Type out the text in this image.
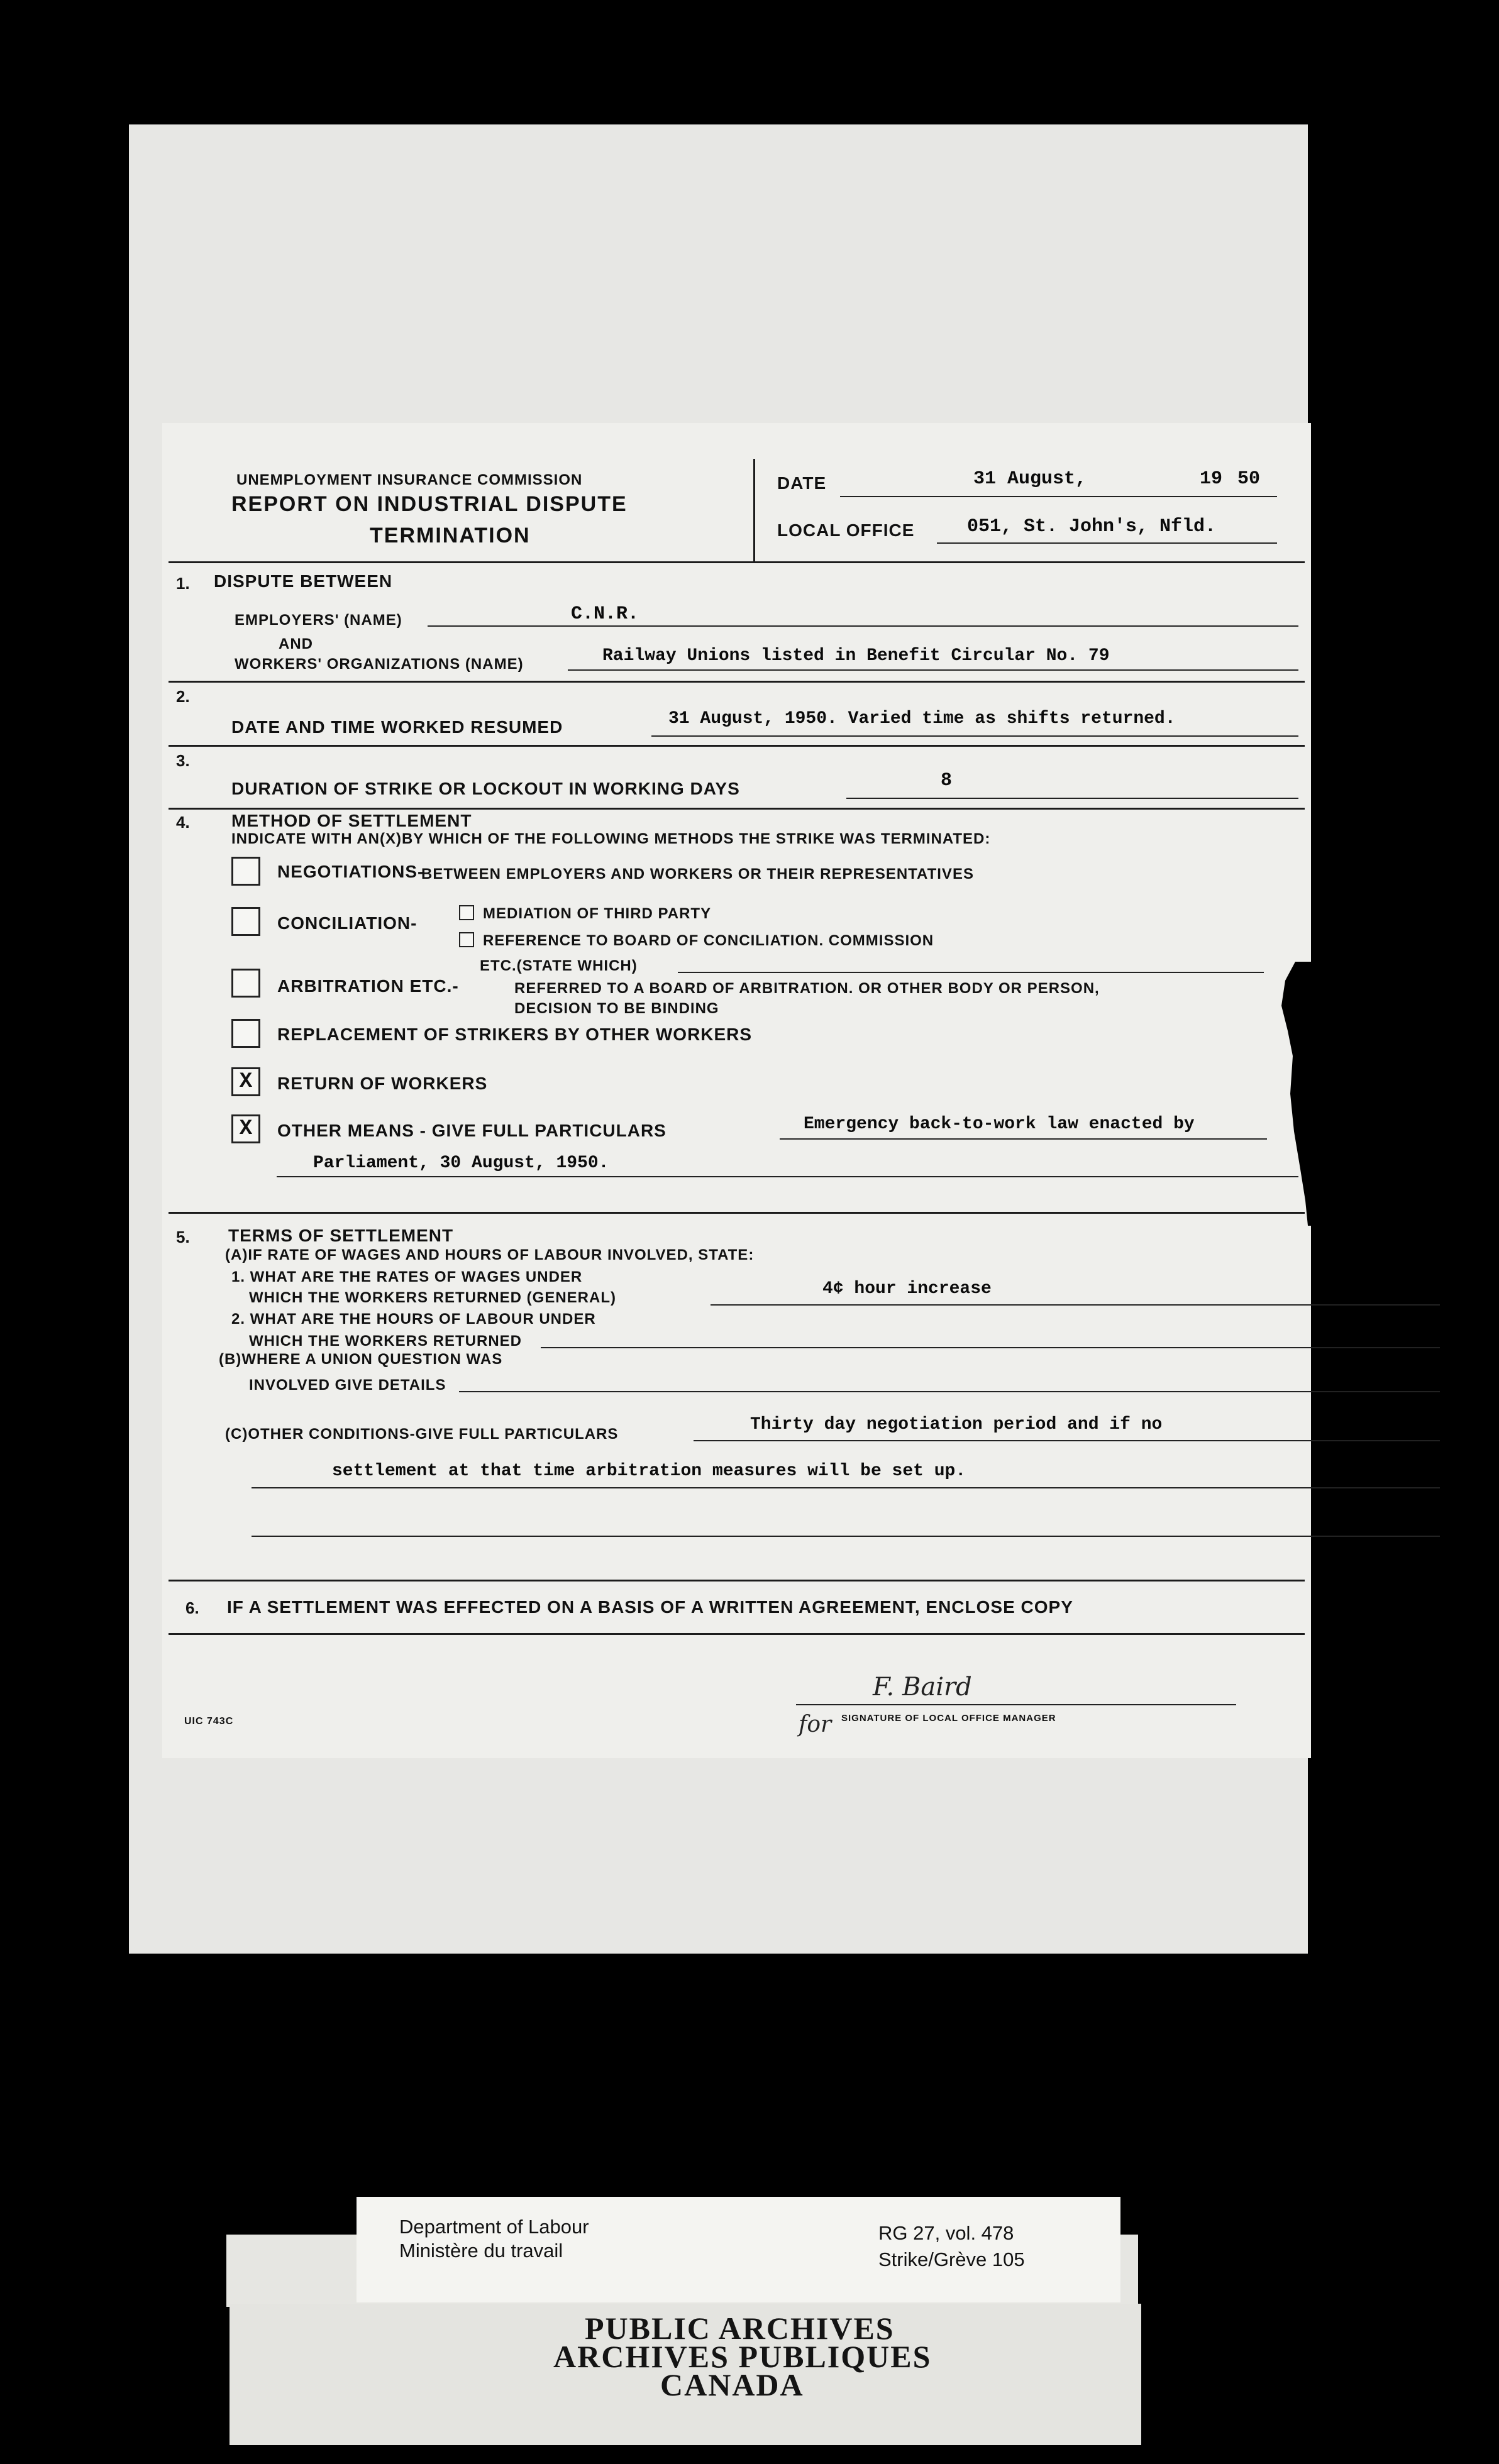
UNEMPLOYMENT INSURANCE COMMISSION
REPORT ON INDUSTRIAL DISPUTE
TERMINATION
DATE	31 August,	19 50
LOCAL OFFICE	051, St. John's, Nfld.
1. DISPUTE BETWEEN
EMPLOYERS' (NAME)	C.N.R.
AND
WORKERS' ORGANIZATIONS (NAME)	Railway Unions listed in Benefit Circular No. 79
2.
DATE AND TIME WORKED RESUMED	31 August, 1950. Varied time as shifts returned.
3.
DURATION OF STRIKE OR LOCKOUT IN WORKING DAYS	8
4. METHOD OF SETTLEMENT
INDICATE WITH AN(X)BY WHICH OF THE FOLLOWING METHODS THE STRIKE WAS TERMINATED:
NEGOTIATIONS-
BETWEEN EMPLOYERS AND WORKERS OR THEIR REPRESENTATIVES
CONCILIATION-	MEDIATION OF THIRD PARTY
REFERENCE TO BOARD OF CONCILIATION. COMMISSION
ETC.(STATE WHICH)
ARBITRATION ETC.-	REFERRED TO A BOARD OF ARBITRATION. OR OTHER BODY OR PERSON,
DECISION TO BE BINDING
REPLACEMENT OF STRIKERS BY OTHER WORKERS
X	RETURN OF WORKERS
X	OTHER MEANS - GIVE FULL PARTICULARS	Emergency back-to-work law enacted by
Parliament, 30 August, 1950.
5. TERMS OF SETTLEMENT
(A)IF RATE OF WAGES AND HOURS OF LABOUR INVOLVED, STATE:
1. WHAT ARE THE RATES OF WAGES UNDER
WHICH THE WORKERS RETURNED (GENERAL)	4¢ hour increase
2. WHAT ARE THE HOURS OF LABOUR UNDER
WHICH THE WORKERS RETURNED
(B)WHERE A UNION QUESTION WAS
INVOLVED GIVE DETAILS
(C)OTHER CONDITIONS-GIVE FULL PARTICULARS	Thirty day negotiation period and if no
settlement at that time arbitration measures will be set up.
6. IF A SETTLEMENT WAS EFFECTED ON A BASIS OF A WRITTEN AGREEMENT, ENCLOSE COPY
UIC 743C
F. Baird
for SIGNATURE OF LOCAL OFFICE MANAGER
Department of Labour
Ministère du travail
RG 27, vol. 478
Strike/Grève 105
PUBLIC ARCHIVES
ARCHIVES PUBLIQUES
CANADA
